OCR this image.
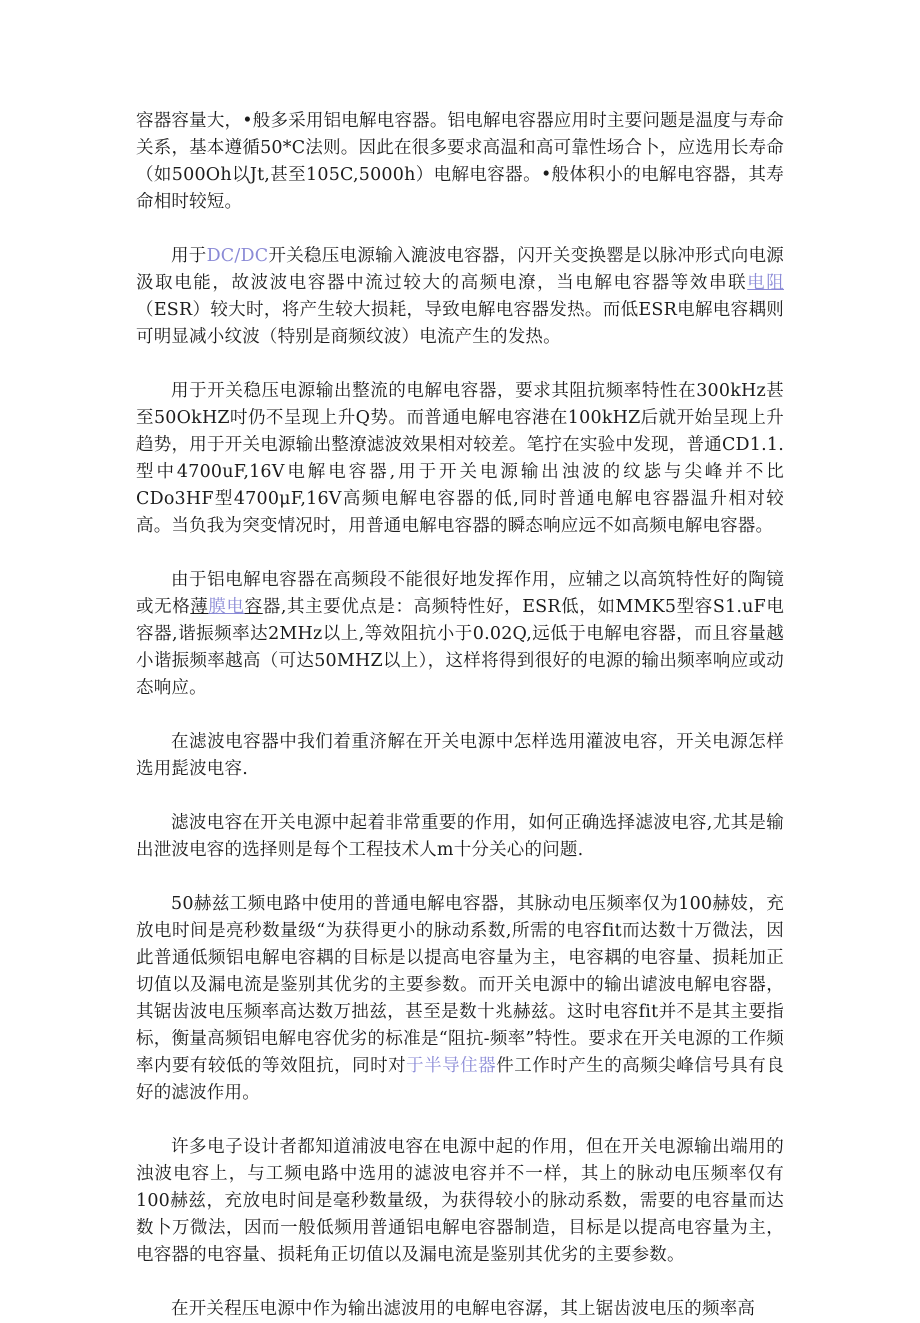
容器容量大，•般多采用铝电解电容器。铝电解电容器应用时主要问题是温度与寿命关系，基本遵循50*C法则。因此在很多要求高温和高可靠性场合卜，应选用长寿命（如500Oh以Jt,甚至105C,5000h）电解电容器。•般体积小的电解电容器，其寿命相时较短。

用于DC/DC开关稳压电源输入漉波电容器，闪开关变换罂是以脉冲形式向电源汲取电能，故波波电容器中流过较大的高频电潦，当电解电容器等效串联电阻（ESR）较大时，将产生较大损耗，导致电解电容器发热。而低ESR电解电容耦则可明显减小纹波（特别是商频纹波）电流产生的发热。

用于开关稳压电源输出整流的电解电容器，要求其阻抗频率特性在300kHz甚至50OkHZ吋仍不呈现上升Q势。而普通电解电容港在100kHZ后就开始呈现上升趋势，用于开关电源输出整潦滤波效果相对较差。笔拧在实验中发现，普通CD1.1.型中4700uF,16V电解电容器,用于开关电源输出浊波的纹毖与尖峰并不比CDo3HF型4700μF,16V高频电解电容器的低,同时普通电解电容器温升相对较高。当负我为突变情况时，用普通电解电容器的瞬态响应远不如高频电解电容器。

由于铝电解电容器在高频段不能很好地发挥作用，应辅之以高筑特性好的陶镜或无格薄膜电容器,其主要优点是：高频特性好，ESR低，如MMK5型容S1.uF电容器,谐振频率达2MHz以上,等效阻抗小于0.02Q,远低于电解电容器，而且容量越小谐振频率越高（可达50MHZ以上），这样将得到很好的电源的输出频率响应或动态响应。

在滤波电容器中我们着重济解在开关电源中怎样选用灌波电容，开关电源怎样选用髭波电容.

滤波电容在开关电源中起着非常重要的作用，如何正确选择滤波电容,尤其是输出泄波电容的选择则是每个工程技术人m十分关心的问题.

50赫兹工频电路中使用的普通电解电容器，其脉动电压频率仅为100赫妓，充放电时间是亮秒数量级“为获得更小的脉动系数,所需的电容fit而达数十万微法，因此普通低频铝电解电容耦的目标是以提高电容量为主，电容耦的电容量、损耗加正切值以及漏电流是鉴别其优劣的主要参数。而开关电源中的输出谑波电解电容器，其锯齿波电压频率高达数万拙兹，甚至是数十兆赫兹。这时电容fit并不是其主要指标，衡量高频铝电解电容优劣的标准是“阻抗-频率”特性。要求在开关电源的工作频率内要有较低的等效阻抗，同时对于半导住器件工作时产生的高频尖峰信号具有良好的滤波作用。

许多电子设计者都知道浦波电容在电源中起的作用，但在开关电源输出端用的浊波电容上，与工频电路中选用的滤波电容并不一样，其上的脉动电压频率仅有100赫兹，充放电时间是毫秒数量级，为获得较小的脉动系数，需要的电容量而达数卜万微法，因而一般低频用普通铝电解电容器制造，目标是以提高电容量为主，电容器的电容量、损耗角正切值以及漏电流是鉴别其优劣的主要参数。

在开关程压电源中作为输出滤波用的电解电容潺，其上锯齿波电压的频率高
